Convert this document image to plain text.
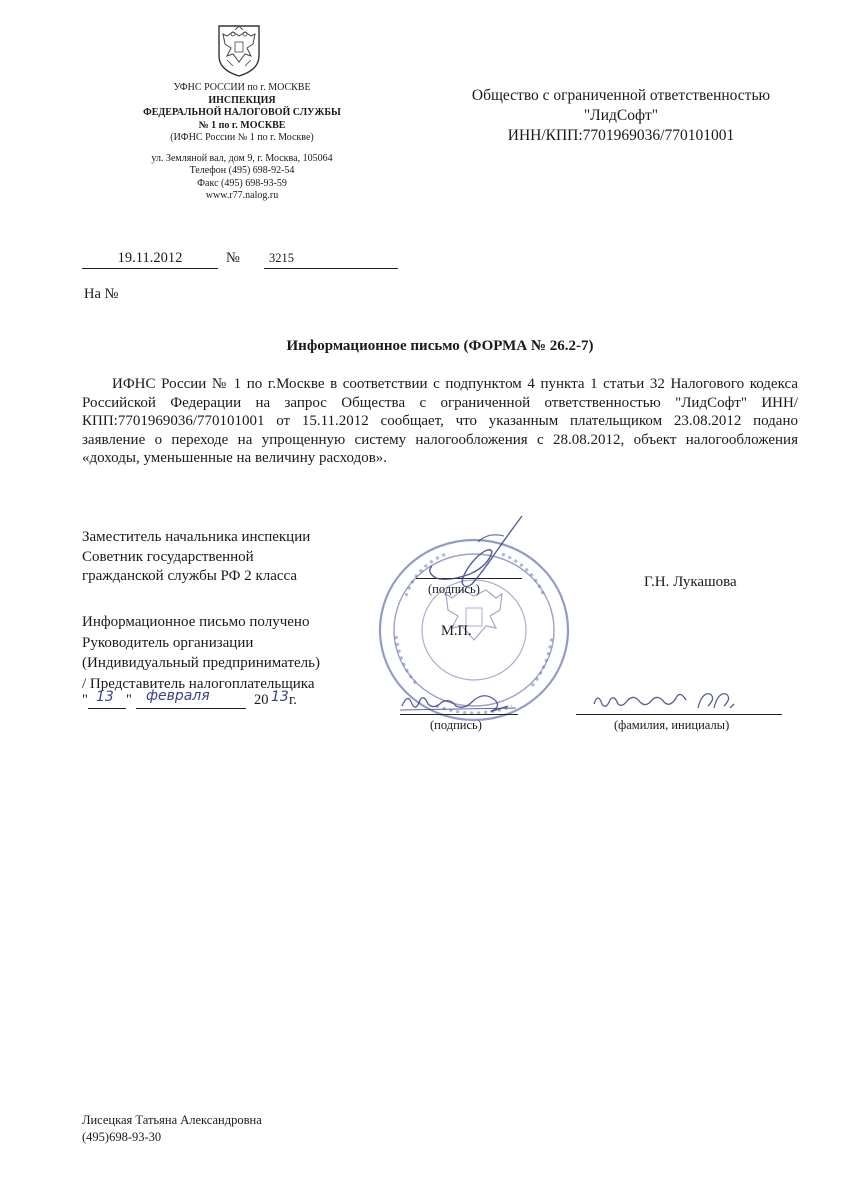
УФНС РОССИИ по г. МОСКВЕ
ИНСПЕКЦИЯ
ФЕДЕРАЛЬНОЙ НАЛОГОВОЙ СЛУЖБЫ
№ 1 по г. МОСКВЕ
(ИФНС России № 1 по г. Москве)
ул. Земляной вал, дом 9, г. Москва, 105064
Телефон (495) 698-92-54
Факс (495) 698-93-59
www.r77.nalog.ru
Общество с ограниченной ответственностью
"ЛидСофт"
ИНН/КПП:7701969036/770101001
19.11.2012	№	3215
На №
Информационное письмо (ФОРМА № 26.2-7)
ИФНС России № 1 по г.Москве в соответствии с подпунктом 4 пункта 1 статьи 32 Налогового кодекса Российской Федерации на запрос Общества с ограниченной ответственностью "ЛидСофт" ИНН/КПП:7701969036/770101001 от 15.11.2012 сообщает, что указанным плательщиком 23.08.2012 подано заявление о переходе на упрощенную систему налогообложения с 28.08.2012, объект налогообложения «доходы, уменьшенные на величину расходов».
Заместитель начальника инспекции
Советник государственной
гражданской службы РФ 2 класса
(подпись)
М.П.
Г.Н. Лукашова
Информационное письмо получено
Руководитель организации
(Индивидуальный предприниматель)
/ Представитель налогоплательщика
" 13 " февраля	20 13 г.
(подпись)	(фамилия, инициалы)
Лисецкая Татьяна Александровна
(495)698-93-30
